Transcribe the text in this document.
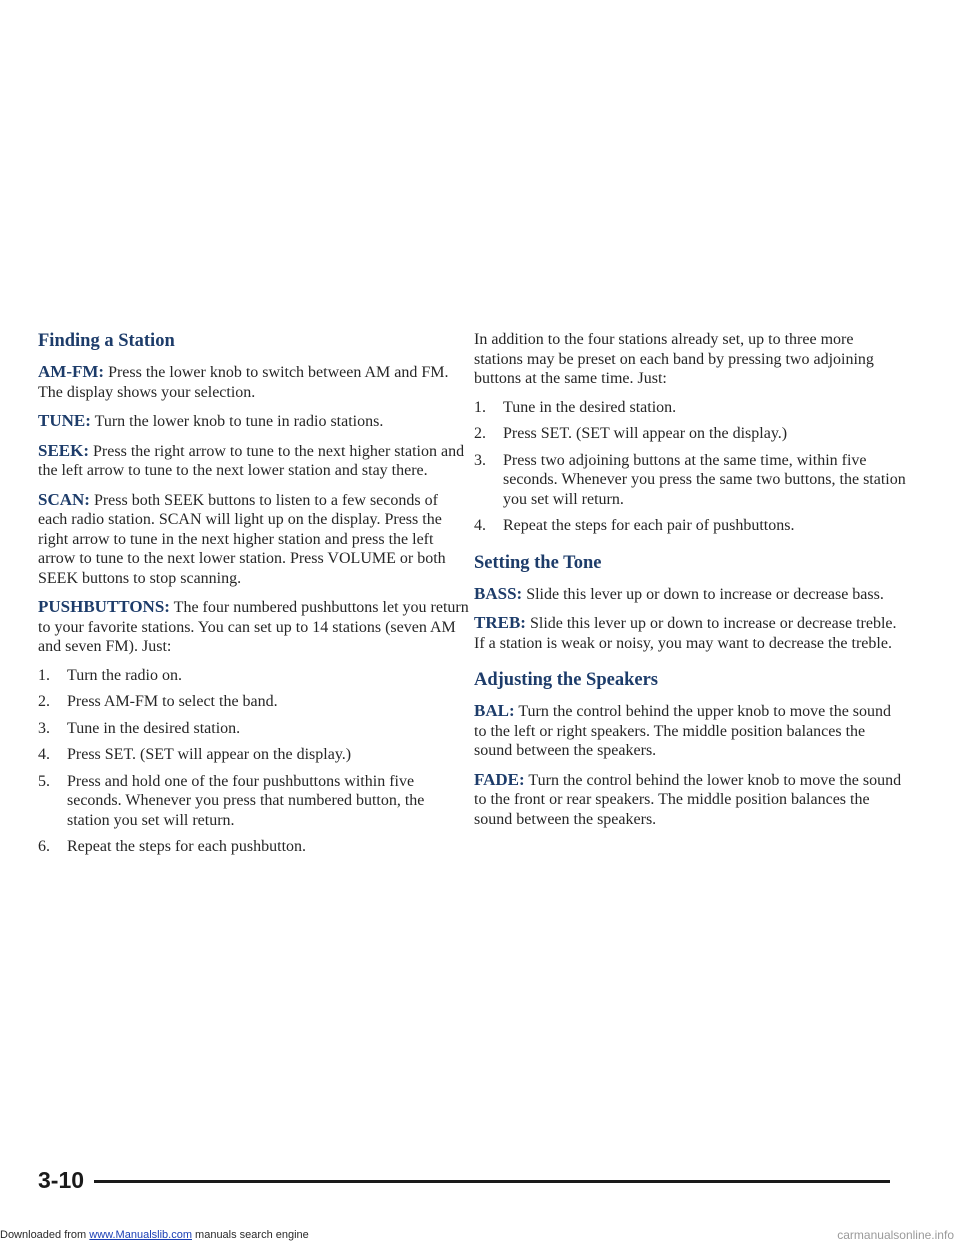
Finding a Station

AM-FM: Press the lower knob to switch between AM and FM. The display shows your selection.

TUNE: Turn the lower knob to tune in radio stations.

SEEK: Press the right arrow to tune to the next higher station and the left arrow to tune to the next lower station and stay there.

SCAN: Press both SEEK buttons to listen to a few seconds of each radio station. SCAN will light up on the display. Press the right arrow to tune in the next higher station and press the left arrow to tune to the next lower station. Press VOLUME or both SEEK buttons to stop scanning.

PUSHBUTTONS: The four numbered pushbuttons let you return to your favorite stations. You can set up to 14 stations (seven AM and seven FM). Just:

1.	Turn the radio on.
2.	Press AM-FM to select the band.
3.	Tune in the desired station.
4.	Press SET. (SET will appear on the display.)
5.	Press and hold one of the four pushbuttons within five seconds. Whenever you press that numbered button, the station you set will return.
6.	Repeat the steps for each pushbutton.

In addition to the four stations already set, up to three more stations may be preset on each band by pressing two adjoining buttons at the same time. Just:

1.	Tune in the desired station.
2.	Press SET. (SET will appear on the display.)
3.	Press two adjoining buttons at the same time, within five seconds. Whenever you press the same two buttons, the station you set will return.
4.	Repeat the steps for each pair of pushbuttons.
Setting the Tone

BASS: Slide this lever up or down to increase or decrease bass.

TREB: Slide this lever up or down to increase or decrease treble. If a station is weak or noisy, you may want to decrease the treble.

Adjusting the Speakers

BAL: Turn the control behind the upper knob to move the sound to the left or right speakers. The middle position balances the sound between the speakers.

FADE: Turn the control behind the lower knob to move the sound to the front or rear speakers. The middle position balances the sound between the speakers.

3-10
Downloaded from www.Manualslib.com manuals search engine	carmanualsonline.info
